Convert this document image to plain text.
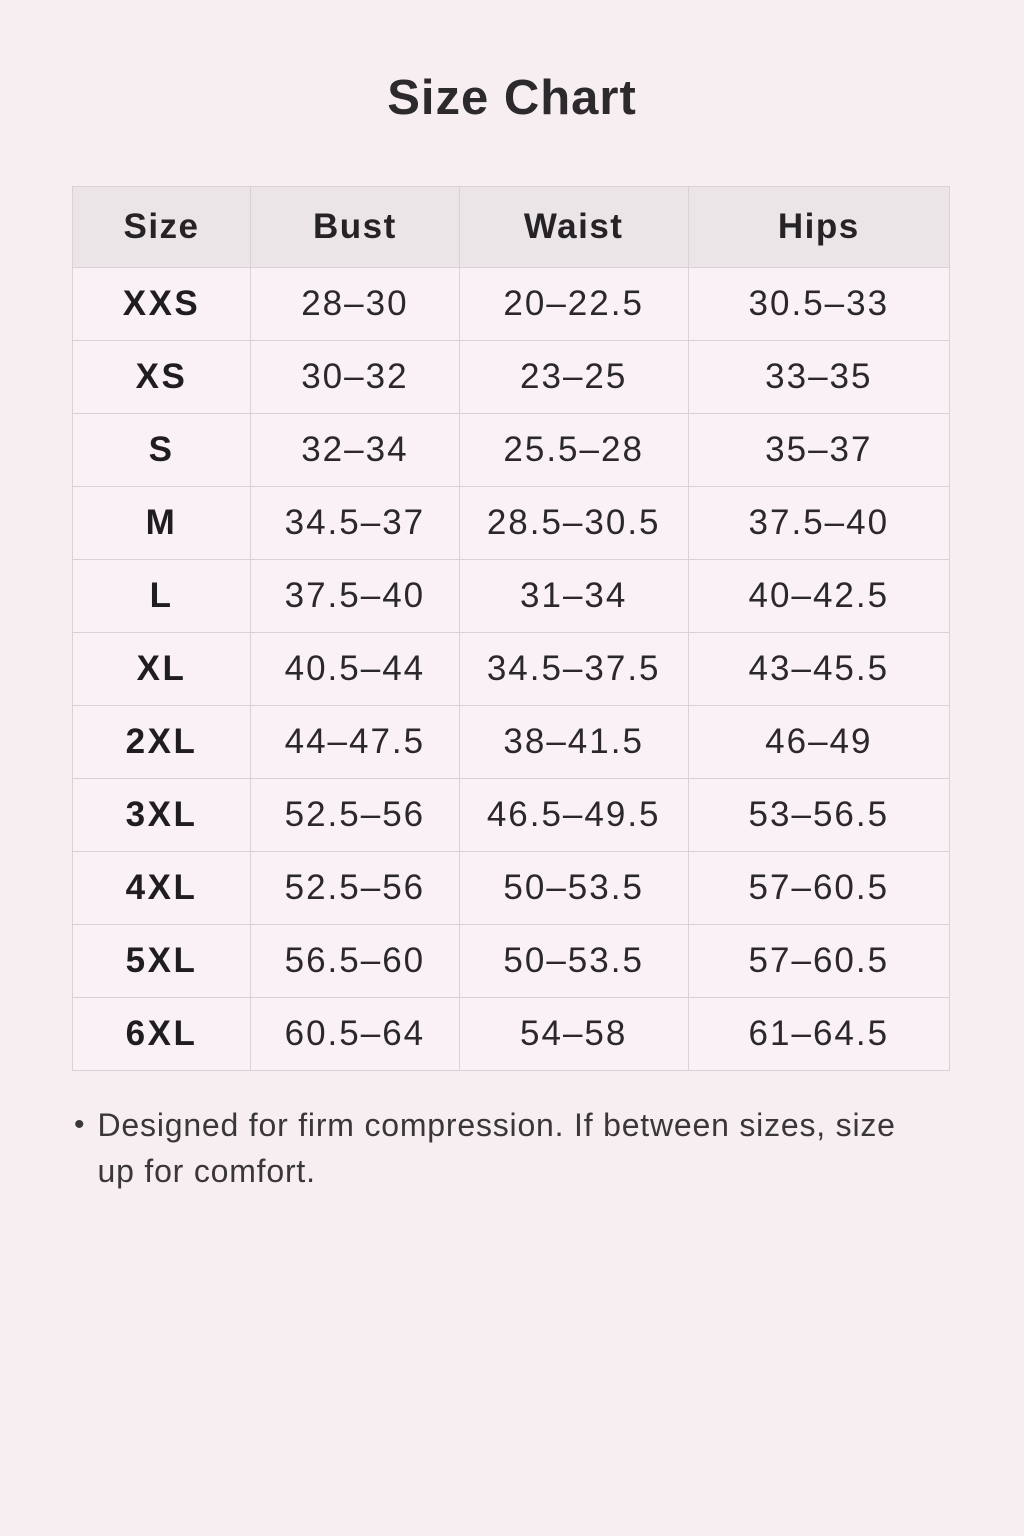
Size Chart
Size	Bust	Waist	Hips
XXS	28–30	20–22.5	30.5–33
XS	30–32	23–25	33–35
S	32–34	25.5–28	35–37
M	34.5–37	28.5–30.5	37.5–40
L	37.5–40	31–34	40–42.5
XL	40.5–44	34.5–37.5	43–45.5
2XL	44–47.5	38–41.5	46–49
3XL	52.5–56	46.5–49.5	53–56.5
4XL	52.5–56	50–53.5	57–60.5
5XL	56.5–60	50–53.5	57–60.5
6XL	60.5–64	54–58	61–64.5

• Designed for firm compression. If between sizes, size up for comfort.
